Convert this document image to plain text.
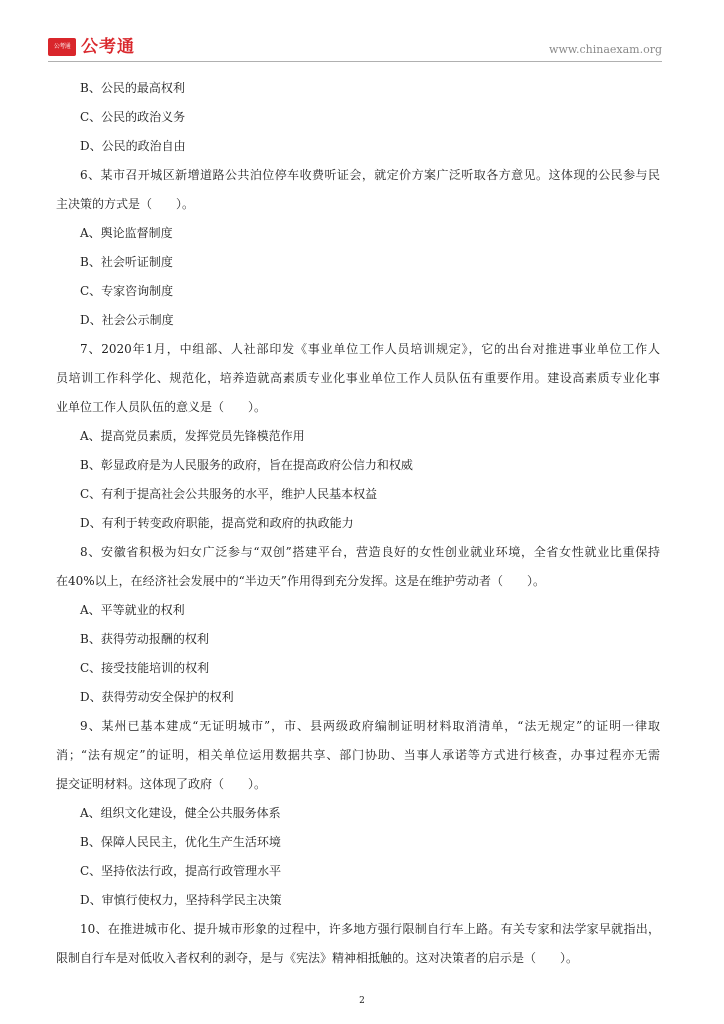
公考通 公考通	www.chinaexam.org
B、公民的最高权利
C、公民的政治义务
D、公民的政治自由
6、某市召开城区新增道路公共泊位停车收费听证会，就定价方案广泛听取各方意见。这体现的公民参与民
主决策的方式是（　　）。
A、舆论监督制度
B、社会听证制度
C、专家咨询制度
D、社会公示制度
7、2020年1月，中组部、人社部印发《事业单位工作人员培训规定》，它的出台对推进事业单位工作人
员培训工作科学化、规范化，培养造就高素质专业化事业单位工作人员队伍有重要作用。建设高素质专业化事
业单位工作人员队伍的意义是（　　）。
A、提高党员素质，发挥党员先锋模范作用
B、彰显政府是为人民服务的政府，旨在提高政府公信力和权威
C、有利于提高社会公共服务的水平，维护人民基本权益
D、有利于转变政府职能，提高党和政府的执政能力
8、安徽省积极为妇女广泛参与“双创”搭建平台，营造良好的女性创业就业环境，全省女性就业比重保持
在40%以上，在经济社会发展中的“半边天”作用得到充分发挥。这是在维护劳动者（　　）。
A、平等就业的权利
B、获得劳动报酬的权利
C、接受技能培训的权利
D、获得劳动安全保护的权利
9、某州已基本建成“无证明城市”，市、县两级政府编制证明材料取消清单，“法无规定”的证明一律取
消；“法有规定”的证明，相关单位运用数据共享、部门协助、当事人承诺等方式进行核查，办事过程亦无需
提交证明材料。这体现了政府（　　）。
A、组织文化建设，健全公共服务体系
B、保障人民民主，优化生产生活环境
C、坚持依法行政，提高行政管理水平
D、审慎行使权力，坚持科学民主决策
10、在推进城市化、提升城市形象的过程中，许多地方强行限制自行车上路。有关专家和法学家早就指出，
限制自行车是对低收入者权利的剥夺，是与《宪法》精神相抵触的。这对决策者的启示是（　　）。
2
